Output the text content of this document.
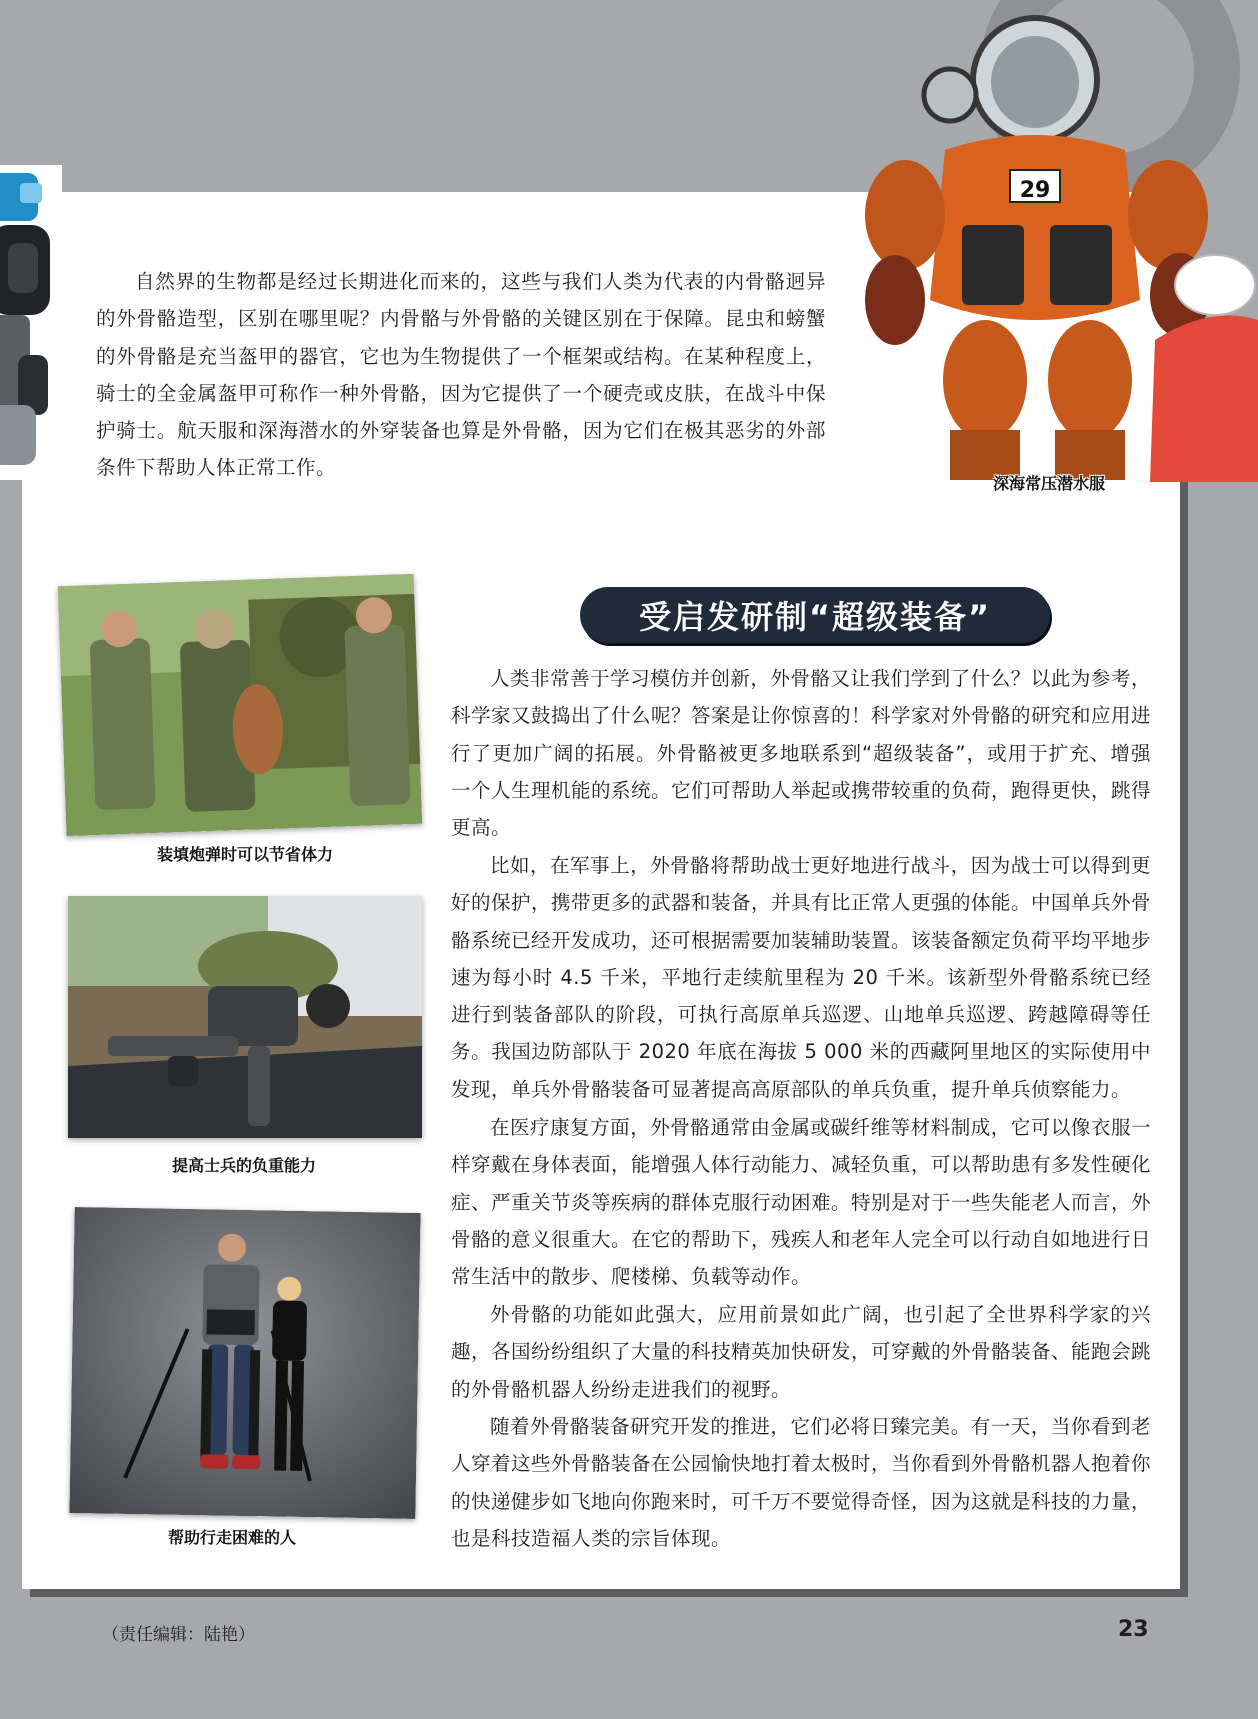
29
深海常压潜水服

自然界的生物都是经过长期进化而来的，这些与我们人类为代表的内骨骼迥异的外骨骼造型，区别在哪里呢？内骨骼与外骨骼的关键区别在于保障。昆虫和螃蟹的外骨骼是充当盔甲的器官，它也为生物提供了一个框架或结构。在某种程度上，骑士的全金属盔甲可称作一种外骨骼，因为它提供了一个硬壳或皮肤，在战斗中保护骑士。航天服和深海潜水的外穿装备也算是外骨骼，因为它们在极其恶劣的外部条件下帮助人体正常工作。

装填炮弹时可以节省体力
提高士兵的负重能力
帮助行走困难的人
受启发研制“超级装备”

人类非常善于学习模仿并创新，外骨骼又让我们学到了什么？以此为参考，科学家又鼓捣出了什么呢？答案是让你惊喜的！科学家对外骨骼的研究和应用进行了更加广阔的拓展。外骨骼被更多地联系到“超级装备”，或用于扩充、增强一个人生理机能的系统。它们可帮助人举起或携带较重的负荷，跑得更快，跳得更高。

比如，在军事上，外骨骼将帮助战士更好地进行战斗，因为战士可以得到更好的保护，携带更多的武器和装备，并具有比正常人更强的体能。中国单兵外骨骼系统已经开发成功，还可根据需要加装辅助装置。该装备额定负荷平均平地步速为每小时 4.5 千米，平地行走续航里程为 20 千米。该新型外骨骼系统已经进行到装备部队的阶段，可执行高原单兵巡逻、山地单兵巡逻、跨越障碍等任务。我国边防部队于 2020 年底在海拔 5 000 米的西藏阿里地区的实际使用中发现，单兵外骨骼装备可显著提高高原部队的单兵负重，提升单兵侦察能力。

在医疗康复方面，外骨骼通常由金属或碳纤维等材料制成，它可以像衣服一样穿戴在身体表面，能增强人体行动能力、减轻负重，可以帮助患有多发性硬化症、严重关节炎等疾病的群体克服行动困难。特别是对于一些失能老人而言，外骨骼的意义很重大。在它的帮助下，残疾人和老年人完全可以行动自如地进行日常生活中的散步、爬楼梯、负载等动作。

外骨骼的功能如此强大，应用前景如此广阔，也引起了全世界科学家的兴趣，各国纷纷组织了大量的科技精英加快研发，可穿戴的外骨骼装备、能跑会跳的外骨骼机器人纷纷走进我们的视野。

随着外骨骼装备研究开发的推进，它们必将日臻完美。有一天，当你看到老人穿着这些外骨骼装备在公园愉快地打着太极时，当你看到外骨骼机器人抱着你的快递健步如飞地向你跑来时，可千万不要觉得奇怪，因为这就是科技的力量，也是科技造福人类的宗旨体现。

（责任编辑：陆艳）	23
